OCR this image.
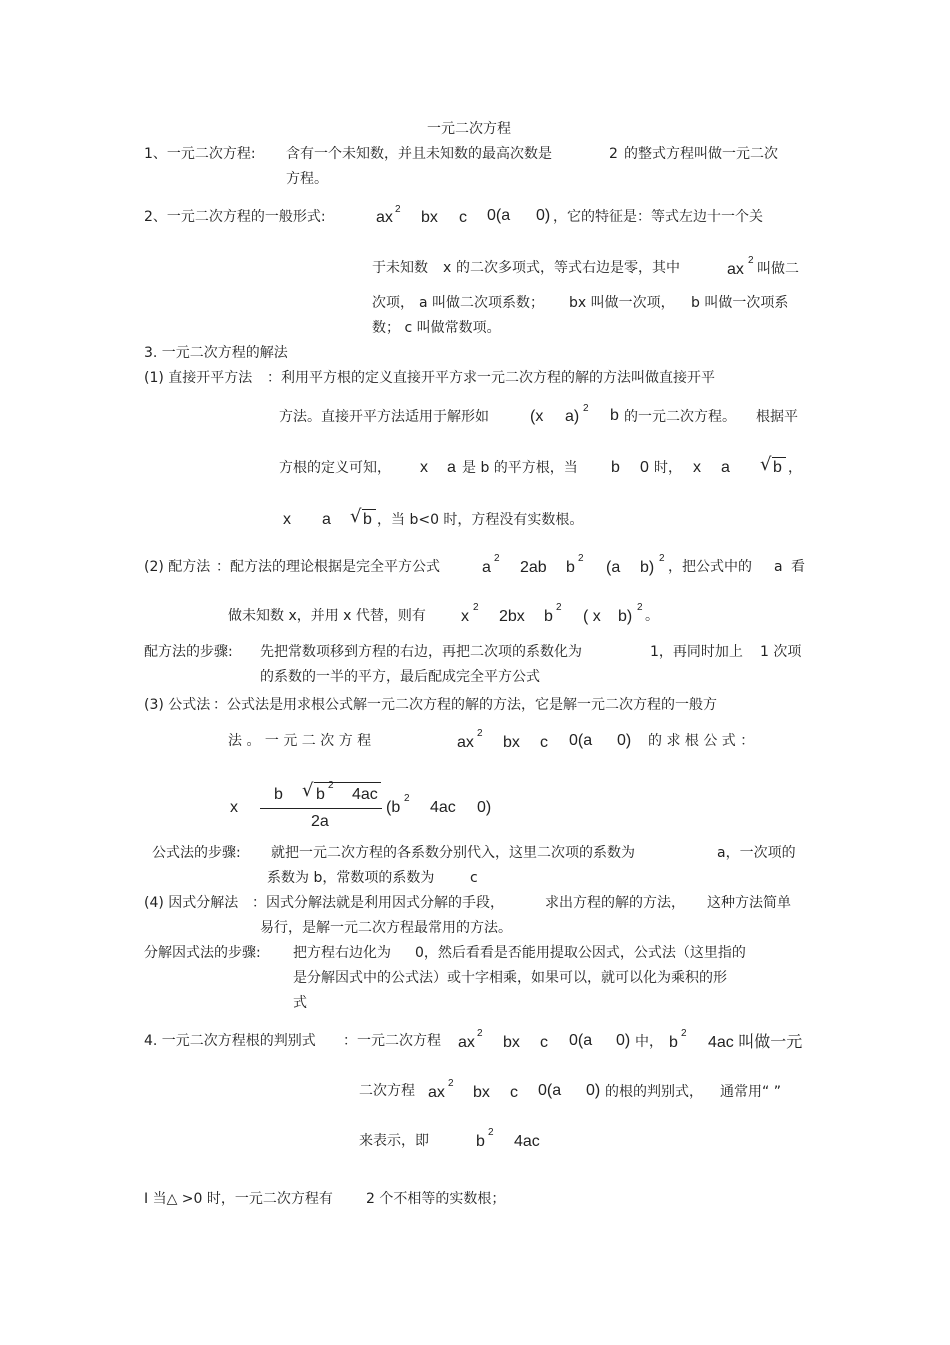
一元二次方程
1、一元二次方程: 含有一个未知数，并且未知数的最高次数是	2 的整式方程叫做一元二次
方程。
2、一元二次方程的一般形式:	ax 2 bx c 0(a 0) ，它的特征是：等式左边十一个关
于未知数 x 的二次多项式，等式右边是零，其中	ax
2
叫做二
次项， a 叫做二次项系数； bx 叫做一次项， b 叫做一次项系
数； c 叫做常数项。
3. 一元二次方程的解法
(1) 直接开平方法 ：利用平方根的定义直接开平方求一元二次方程的解的方法叫做直接开平
方法。直接开平方法适用于解形如	(x a) 2 b 的一元二次方程。 根据平
方根的定义可知， x a 是 b 的平方根，当 b 0 时， x a √ b ，
x a √ b ，当 b<0 时，方程没有实数根。
(2) 配方法 ：配方法的理论根据是完全平方公式	a
2
2ab b
2
(a b)
2
，把公式中的 a 看
做未知数 x，并用 x 代替，则有 x
2
2bx b
2
( x b)
2
。
配方法的步骤: 先把常数项移到方程的右边，再把二次项的系数化为	1，再同时加上 1 次项
的系数的一半的平方，最后配成完全平方公式
(3) 公式法 ：公式法是用求根公式解一元二次方程的解的方法，它是解一元二次方程的一般方
法 。 一 元 二 次 方 程	ax
2
bx c 0(a 0) 的 求 根 公 式 ：
x
b √ b
2
4ac
2a
(b
2
4ac 0)
公式法的步骤: 就把一元二次方程的各系数分别代入，这里二次项的系数为	a，一次项的
系数为 b，常数项的系数为	c
(4) 因式分解法 ：因式分解法就是利用因式分解的手段，	求出方程的解的方法， 这种方法简单
易行，是解一元二次方程最常用的方法。
分解因式法的步骤: 把方程右边化为 0，然后看看是否能用提取公因式，公式法（这里指的
是分解因式中的公式法）或十字相乘，如果可以，就可以化为乘积的形
式
4. 一元二次方程根的判别式 ：一元二次方程 ax
2
bx c 0(a 0) 中， b
2
4ac 叫做一元
二次方程 ax
2
bx c 0(a 0) 的根的判别式， 通常用“ ”
来表示，即	b
2
4ac
I 当△ >0 时，一元二次方程有 2 个不相等的实数根；
